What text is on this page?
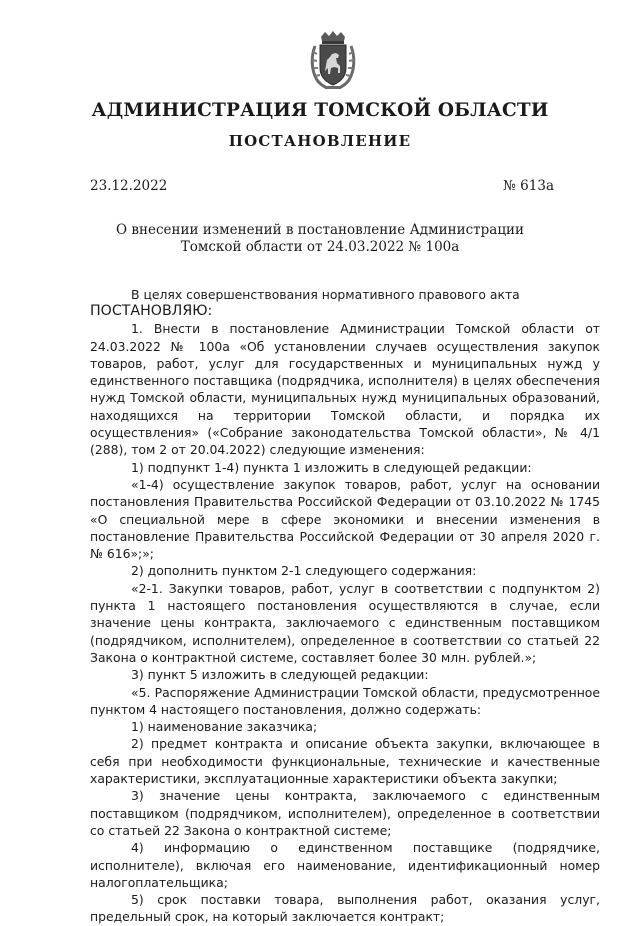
АДМИНИСТРАЦИЯ ТОМСКОЙ ОБЛАСТИ
ПОСТАНОВЛЕНИЕ
23.12.2022	№ 613а
О внесении изменений в постановление Администрации
Томской области от 24.03.2022 № 100а

В целях совершенствования нормативного правового акта

ПОСТАНОВЛЯЮ:

1. Внести в постановление Администрации Томской области от 24.03.2022 № 100а «Об установлении случаев осуществления закупок товаров, работ, услуг для государственных и муниципальных нужд у единственного поставщика (подрядчика, исполнителя) в целях обеспечения нужд Томской области, муниципальных нужд муниципальных образований, находящихся на территории Томской области, и порядка их осуществления» («Собрание законодательства Томской области», № 4/1 (288), том 2 от 20.04.2022) следующие изменения:

1) подпункт 1-4) пункта 1 изложить в следующей редакции:

«1-4) осуществление закупок товаров, работ, услуг на основании постановления Правительства Российской Федерации от 03.10.2022 № 1745 «О специальной мере в сфере экономики и внесении изменения в постановление Правительства Российской Федерации от 30 апреля 2020 г. № 616»;»;

2) дополнить пунктом 2-1 следующего содержания:

«2-1. Закупки товаров, работ, услуг в соответствии с подпунктом 2) пункта 1 настоящего постановления осуществляются в случае, если значение цены контракта, заключаемого с единственным поставщиком (подрядчиком, исполнителем), определенное в соответствии со статьей 22 Закона о контрактной системе, составляет более 30 млн. рублей.»;

3) пункт 5 изложить в следующей редакции:

«5. Распоряжение Администрации Томской области, предусмотренное пунктом 4 настоящего постановления, должно содержать:

1) наименование заказчика;

2) предмет контракта и описание объекта закупки, включающее в себя при необходимости функциональные, технические и качественные характеристики, эксплуатационные характеристики объекта закупки;

3) значение цены контракта, заключаемого с единственным поставщиком (подрядчиком, исполнителем), определенное в соответствии со статьей 22 Закона о контрактной системе;

4) информацию о единственном поставщике (подрядчике, исполнителе), включая его наименование, идентификационный номер налогоплательщика;

5) срок поставки товара, выполнения работ, оказания услуг, предельный срок, на который заключается контракт;
